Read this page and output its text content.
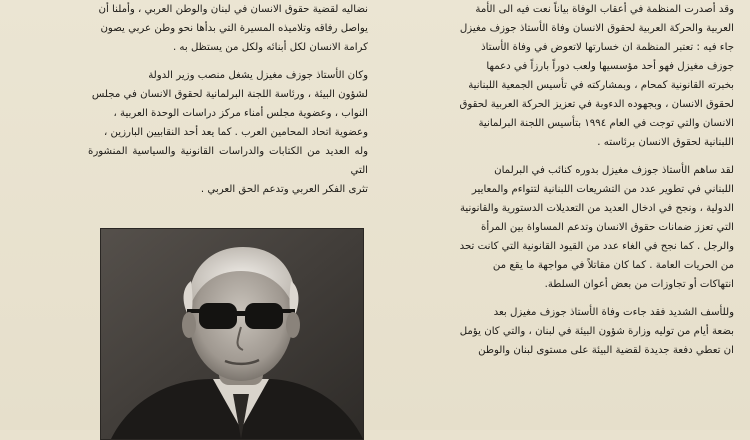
وقد أصدرت المنظمة في أعقاب الوفاة بياناً نعت فيه الى الأمة

العربية والحركة العربية لحقوق الانسان وفاة الأستاذ جوزف مغيزل

جاء فيه : تعتبر المنظمة ان خسارتها لاتعوض في وفاة الأستاذ

جوزف مغيزل فهو أحد مؤسسيها ولعب دوراً بارزاً في دعمها

بخبرته القانونية كمحام ، وبمشاركته في تأسيس الجمعية اللبنانية

لحقوق الانسان ، وبجهوده الدءوبة في تعزيز الحركة العربية لحقوق

الانسان والتي توجت في العام ١٩٩٤ بتأسيس اللجنة البرلمانية

اللبنانية لحقوق الانسان برئاسته .

لقد ساهم الأستاذ جوزف مغيزل بدوره كنائب في البرلمان

اللبناني في تطوير عدد من التشريعات اللبنانية لتتواءم والمعايير

الدولية ، ونجح في ادخال العديد من التعديلات الدستورية والقانونية

التي تعزز ضمانات حقوق الانسان وتدعم المساواة بين المرأة

والرجل . كما نجح في الغاء عدد من القيود القانونية التي كانت تحد

من الحريات العامة . كما كان مقاتلاً في مواجهة ما يقع من

انتهاكات أو تجاوزات من بعض أعوان السلطة.

وللأسف الشديد فقد جاءت وفاة الأستاذ جوزف مغيزل بعد

بضعة أيام من توليه وزارة شؤون البيئة في لبنان ، والتي كان يؤمل

ان تعطي دفعة جديدة لقضية البيئة على مستوى لبنان والوطن

نضاليه لقضية حقوق الانسان في لبنان والوطن العربي ، وأملنا أن

يواصل رفاقه وتلاميذه المسيرة التي بدأها نحو وطن عربي يصون

كرامة الانسان لكل أبنائه ولكل من يستظل به .

وكان الأستاذ جوزف مغيزل يشغل منصب وزير الدولة

لشؤون البيئة ، ورئاسة اللجنة البرلمانية لحقوق الانسان في مجلس

النواب ، وعضوية مجلس أمناء مركز دراسات الوحدة العربية ،

وعضوية اتحاد المحامين العرب . كما يعد أحد النقابيين البارزين ،

وله العديد من الكتابات والدراسات القانونية والسياسية المنشورة التي

تثرى الفكر العربي وتدعم الحق العربي .
